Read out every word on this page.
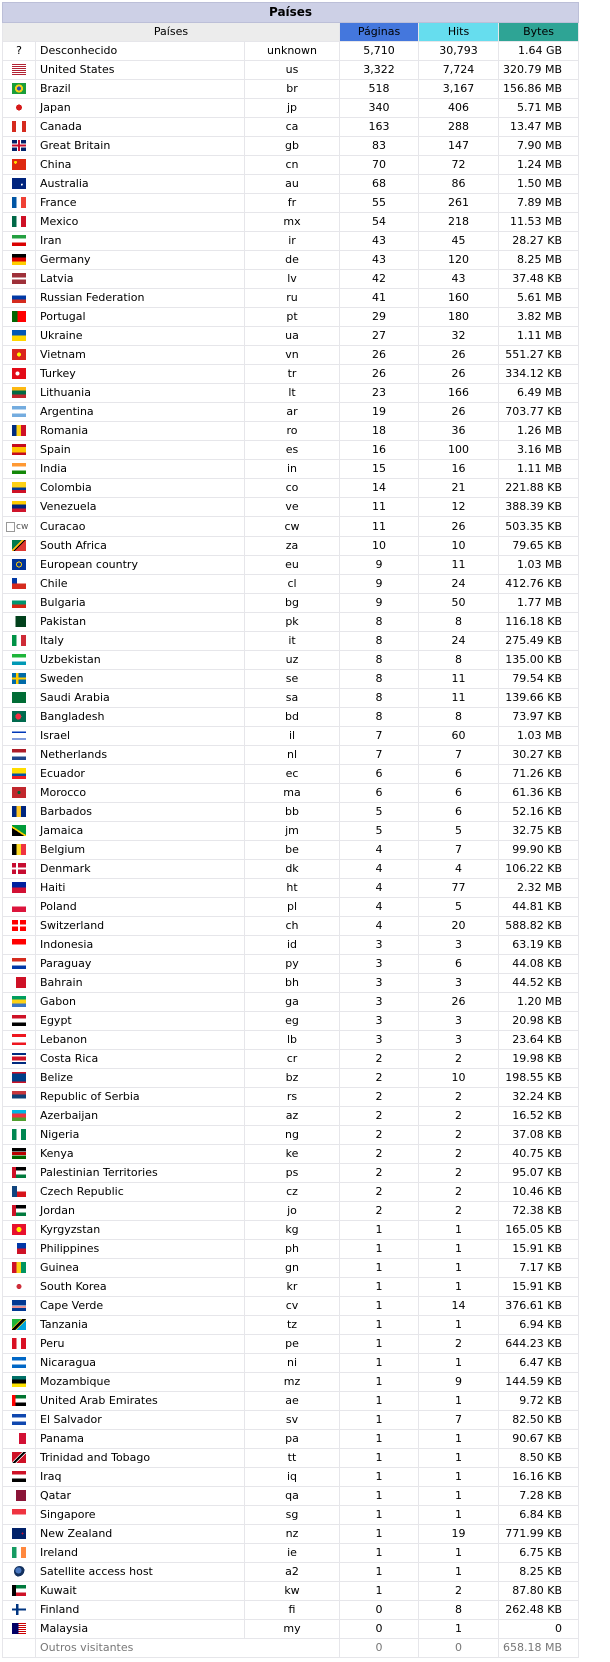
Países					
Países			Páginas	Hits	Bytes
?	Desconhecido	unknown	5,710	30,793	1.64 GB
	United States	us	3,322	7,724	320.79 MB
	Brazil	br	518	3,167	156.86 MB
	Japan	jp	340	406	5.71 MB
	Canada	ca	163	288	13.47 MB
	Great Britain	gb	83	147	7.90 MB
	China	cn	70	72	1.24 MB
	Australia	au	68	86	1.50 MB
	France	fr	55	261	7.89 MB
	Mexico	mx	54	218	11.53 MB
	Iran	ir	43	45	28.27 KB
	Germany	de	43	120	8.25 MB
	Latvia	lv	42	43	37.48 KB
	Russian Federation	ru	41	160	5.61 MB
	Portugal	pt	29	180	3.82 MB
	Ukraine	ua	27	32	1.11 MB
	Vietnam	vn	26	26	551.27 KB
	Turkey	tr	26	26	334.12 KB
	Lithuania	lt	23	166	6.49 MB
	Argentina	ar	19	26	703.77 KB
	Romania	ro	18	36	1.26 MB
	Spain	es	16	100	3.16 MB
	India	in	15	16	1.11 MB
	Colombia	co	14	21	221.88 KB
	Venezuela	ve	11	12	388.39 KB
cw	Curacao	cw	11	26	503.35 KB
	South Africa	za	10	10	79.65 KB
	European country	eu	9	11	1.03 MB
	Chile	cl	9	24	412.76 KB
	Bulgaria	bg	9	50	1.77 MB
	Pakistan	pk	8	8	116.18 KB
	Italy	it	8	24	275.49 KB
	Uzbekistan	uz	8	8	135.00 KB
	Sweden	se	8	11	79.54 KB
	Saudi Arabia	sa	8	11	139.66 KB
	Bangladesh	bd	8	8	73.97 KB
	Israel	il	7	60	1.03 MB
	Netherlands	nl	7	7	30.27 KB
	Ecuador	ec	6	6	71.26 KB
	Morocco	ma	6	6	61.36 KB
	Barbados	bb	5	6	52.16 KB
	Jamaica	jm	5	5	32.75 KB
	Belgium	be	4	7	99.90 KB
	Denmark	dk	4	4	106.22 KB
	Haiti	ht	4	77	2.32 MB
	Poland	pl	4	5	44.81 KB
	Switzerland	ch	4	20	588.82 KB
	Indonesia	id	3	3	63.19 KB
	Paraguay	py	3	6	44.08 KB
	Bahrain	bh	3	3	44.52 KB
	Gabon	ga	3	26	1.20 MB
	Egypt	eg	3	3	20.98 KB
	Lebanon	lb	3	3	23.64 KB
	Costa Rica	cr	2	2	19.98 KB
	Belize	bz	2	10	198.55 KB
	Republic of Serbia	rs	2	2	32.24 KB
	Azerbaijan	az	2	2	16.52 KB
	Nigeria	ng	2	2	37.08 KB
	Kenya	ke	2	2	40.75 KB
	Palestinian Territories	ps	2	2	95.07 KB
	Czech Republic	cz	2	2	10.46 KB
	Jordan	jo	2	2	72.38 KB
	Kyrgyzstan	kg	1	1	165.05 KB
	Philippines	ph	1	1	15.91 KB
	Guinea	gn	1	1	7.17 KB
	South Korea	kr	1	1	15.91 KB
	Cape Verde	cv	1	14	376.61 KB
	Tanzania	tz	1	1	6.94 KB
	Peru	pe	1	2	644.23 KB
	Nicaragua	ni	1	1	6.47 KB
	Mozambique	mz	1	9	144.59 KB
	United Arab Emirates	ae	1	1	9.72 KB
	El Salvador	sv	1	7	82.50 KB
	Panama	pa	1	1	90.67 KB
	Trinidad and Tobago	tt	1	1	8.50 KB
	Iraq	iq	1	1	16.16 KB
	Qatar	qa	1	1	7.28 KB
	Singapore	sg	1	1	6.84 KB
	New Zealand	nz	1	19	771.99 KB
	Ireland	ie	1	1	6.75 KB
	Satellite access host	a2	1	1	8.25 KB
	Kuwait	kw	1	2	87.80 KB
	Finland	fi	0	8	262.48 KB
	Malaysia	my	0	1	0
	Outros visitantes		0	0	658.18 MB
